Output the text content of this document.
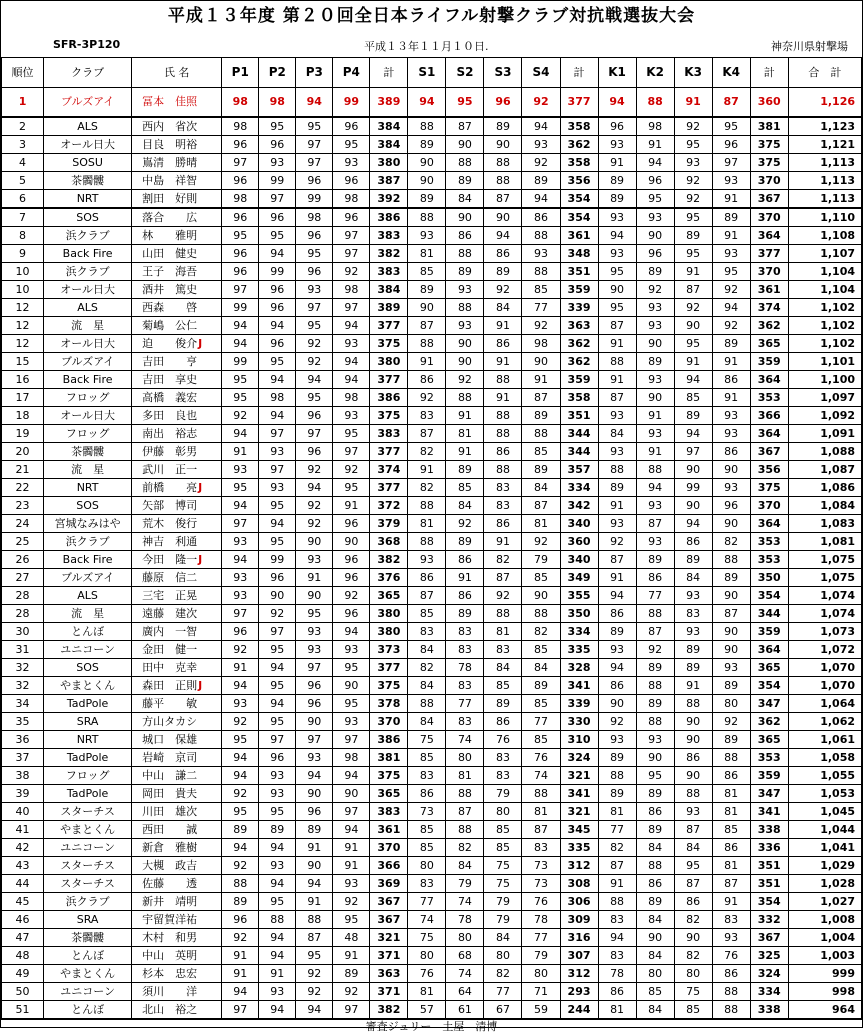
平成１３年度 第２０回全日本ライフル射撃クラブ対抗戦選抜大会
SFR-3P120	平成１３年１１月１０日.	神奈川県射撃場
順位	クラブ	氏 名	P1	P2	P3	P4	計	S1	S2	S3	S4	計	K1	K2	K3	K4	計	合　計
1	ブルズアイ	冨本　佳照	98	98	94	99	389	94	95	96	92	377	94	88	91	87	360	1,126
2	ALS	西内　省次	98	95	95	96	384	88	87	89	94	358	96	98	92	95	381	1,123
3	オール日大	目良　明裕	96	96	97	95	384	89	90	90	93	362	93	91	95	96	375	1,121
4	SOSU	嶌清　勝晴	97	93	97	93	380	90	88	88	92	358	91	94	93	97	375	1,113
5	茶髑髏	中島　祥智	96	99	96	96	387	90	89	88	89	356	89	96	92	93	370	1,113
6	NRT	割田　好則	98	97	99	98	392	89	84	87	94	354	89	95	92	91	367	1,113
7	SOS	落合　　広	96	96	98	96	386	88	90	90	86	354	93	93	95	89	370	1,110
8	浜クラブ	林　　雅明	95	95	96	97	383	93	86	94	88	361	94	90	89	91	364	1,108
9	Back Fire	山田　健史	96	94	95	97	382	81	88	86	93	348	93	96	95	93	377	1,107
10	浜クラブ	王子　海吾	96	99	96	92	383	85	89	89	88	351	95	89	91	95	370	1,104
10	オール日大	酒井　篤史	97	96	93	98	384	89	93	92	85	359	90	92	87	92	361	1,104
12	ALS	西森　　啓	99	96	97	97	389	90	88	84	77	339	95	93	92	94	374	1,102
12	流　星	菊嶋　公仁	94	94	95	94	377	87	93	91	92	363	87	93	90	92	362	1,102
12	オール日大	迫　　俊介J	94	96	92	93	375	88	90	86	98	362	91	90	95	89	365	1,102
15	ブルズアイ	吉田　　亨	99	95	92	94	380	91	90	91	90	362	88	89	91	91	359	1,101
16	Back Fire	吉田　享史	95	94	94	94	377	86	92	88	91	359	91	93	94	86	364	1,100
17	フロッグ	高橋　義宏	95	98	95	98	386	92	88	91	87	358	87	90	85	91	353	1,097
18	オール日大	多田　良也	92	94	96	93	375	83	91	88	89	351	93	91	89	93	366	1,092
19	フロッグ	南出　裕志	94	97	97	95	383	87	81	88	88	344	84	93	94	93	364	1,091
20	茶髑髏	伊藤　彰男	91	93	96	97	377	82	91	86	85	344	93	91	97	86	367	1,088
21	流　星	武川　正一	93	97	92	92	374	91	89	88	89	357	88	88	90	90	356	1,087
22	NRT	前橋　　亮J	95	93	94	95	377	82	85	83	84	334	89	94	99	93	375	1,086
23	SOS	矢部　博司	94	95	92	91	372	88	84	83	87	342	91	93	90	96	370	1,084
24	宮城なみはや	荒木　俊行	97	94	92	96	379	81	92	86	81	340	93	87	94	90	364	1,083
25	浜クラブ	神吉　利通	93	95	90	90	368	88	89	91	92	360	92	93	86	82	353	1,081
26	Back Fire	今田　隆一J	94	99	93	96	382	93	86	82	79	340	87	89	89	88	353	1,075
27	ブルズアイ	藤原　信二	93	96	91	96	376	86	91	87	85	349	91	86	84	89	350	1,075
28	ALS	三宅　正晃	93	90	90	92	365	87	86	92	90	355	94	77	93	90	354	1,074
28	流　星	遠藤　建次	97	92	95	96	380	85	89	88	88	350	86	88	83	87	344	1,074
30	とんぼ	廣内　一智	96	97	93	94	380	83	83	81	82	334	89	87	93	90	359	1,073
31	ユニコーン	金田　健一	92	95	93	93	373	84	83	83	85	335	93	92	89	90	364	1,072
32	SOS	田中　克幸	91	94	97	95	377	82	78	84	84	328	94	89	89	93	365	1,070
32	やまとくん	森田　正則J	94	95	96	90	375	84	83	85	89	341	86	88	91	89	354	1,070
34	TadPole	藤平　　敏	93	94	96	95	378	88	77	89	85	339	90	89	88	80	347	1,064
35	SRA	方山タカシ	92	95	90	93	370	84	83	86	77	330	92	88	90	92	362	1,062
36	NRT	城口　保雄	95	97	97	97	386	75	74	76	85	310	93	93	90	89	365	1,061
37	TadPole	岩崎　京司	94	96	93	98	381	85	80	83	76	324	89	90	86	88	353	1,058
38	フロッグ	中山　謙二	94	93	94	94	375	83	81	83	74	321	88	95	90	86	359	1,055
39	TadPole	岡田　貴夫	92	93	90	90	365	86	88	79	88	341	89	89	88	81	347	1,053
40	スターチス	川田　雄次	95	95	96	97	383	73	87	80	81	321	81	86	93	81	341	1,045
41	やまとくん	西田　　誠	89	89	89	94	361	85	88	85	87	345	77	89	87	85	338	1,044
42	ユニコーン	新倉　雅樹	94	94	91	91	370	85	82	85	83	335	82	84	84	86	336	1,041
43	スターチス	大槻　政吉	92	93	90	91	366	80	84	75	73	312	87	88	95	81	351	1,029
44	スターチス	佐藤　　透	88	94	94	93	369	83	79	75	73	308	91	86	87	87	351	1,028
45	浜クラブ	新井　靖明	89	95	91	92	367	77	74	79	76	306	88	89	86	91	354	1,027
46	SRA	宇留賀洋祐	96	88	88	95	367	74	78	79	78	309	83	84	82	83	332	1,008
47	茶髑髏	木村　和男	92	94	87	48	321	75	80	84	77	316	94	90	90	93	367	1,004
48	とんぼ	中山　英明	91	94	95	91	371	80	68	80	79	307	83	84	82	76	325	1,003
49	やまとくん	杉本　忠宏	91	91	92	89	363	76	74	82	80	312	78	80	80	86	324	999
50	ユニコーン	須川　　洋	94	93	92	92	371	81	64	77	71	293	86	85	75	88	334	998
51	とんぼ	北山　裕之	97	94	94	97	382	57	61	67	59	244	81	84	85	88	338	964
審査ジュリー　土屋　清博
